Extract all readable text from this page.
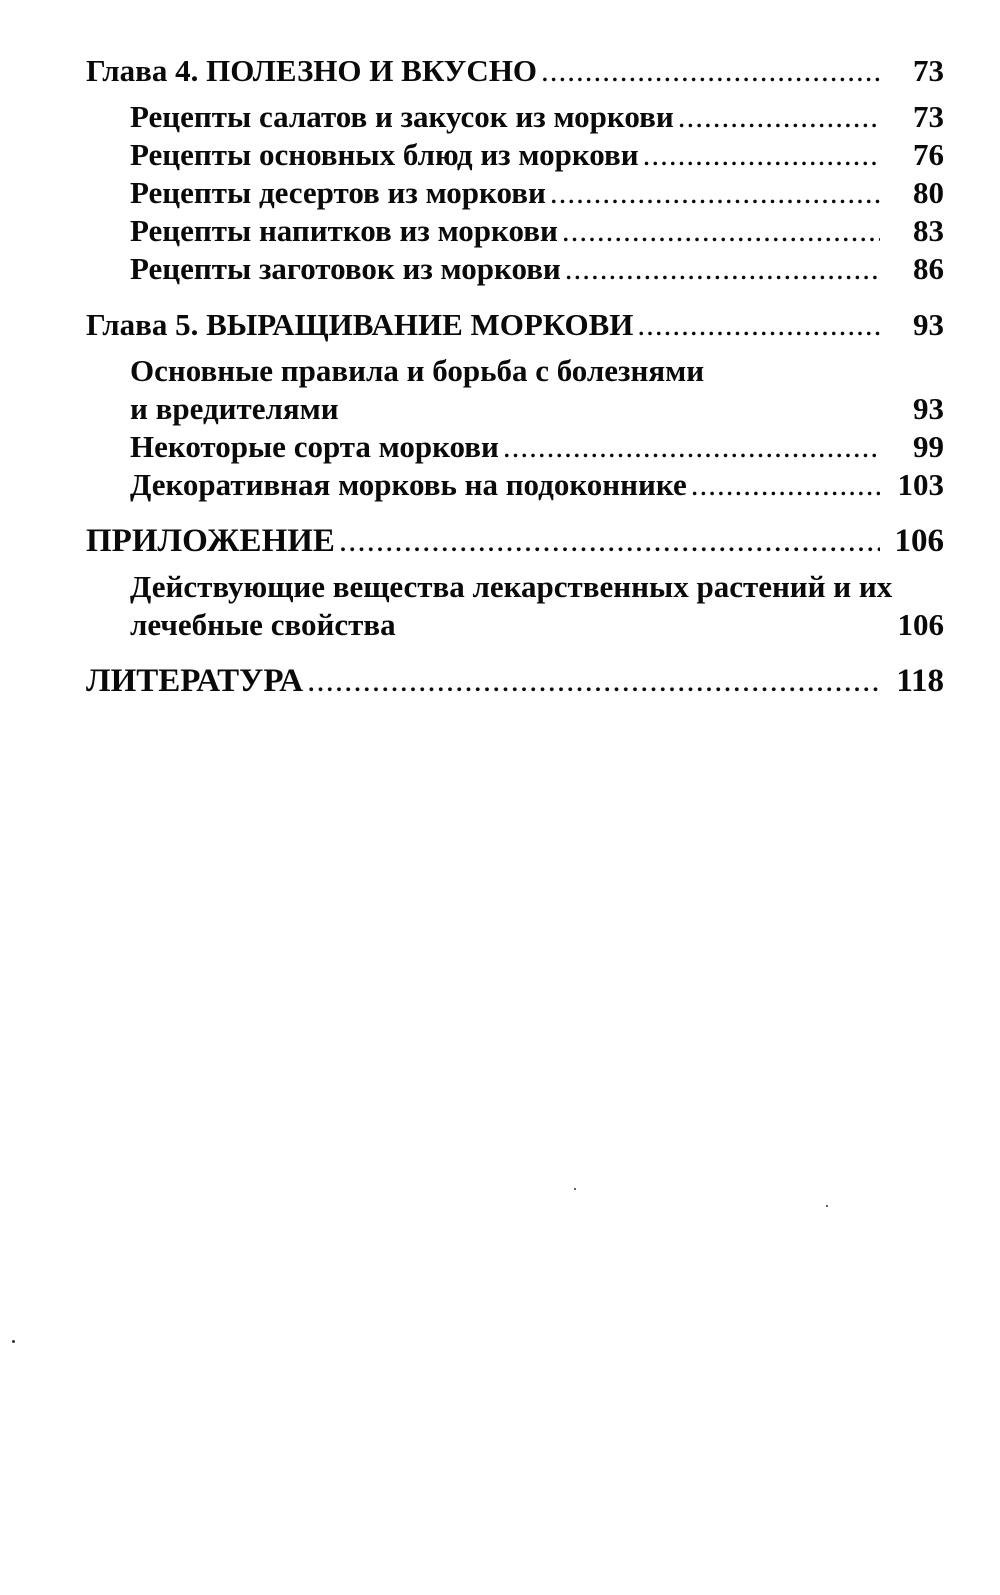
Глава 4. ПОЛЕЗНО И ВКУСНО .....	73
Рецепты салатов и закусок из моркови .....	73
Рецепты основных блюд из моркови .....	76
Рецепты десертов из моркови .....	80
Рецепты напитков из моркови .....	83
Рецепты заготовок из моркови .....	86
Глава 5. ВЫРАЩИВАНИЕ МОРКОВИ .....	93
Основные правила и борьба с болезнями
и вредителями	93
Некоторые сорта моркови .....	99
Декоративная морковь на подоконнике .....	103
ПРИЛОЖЕНИЕ .....	106
Действующие вещества лекарственных растений и их
лечебные свойства	106
ЛИТЕРАТУРА .....	118
